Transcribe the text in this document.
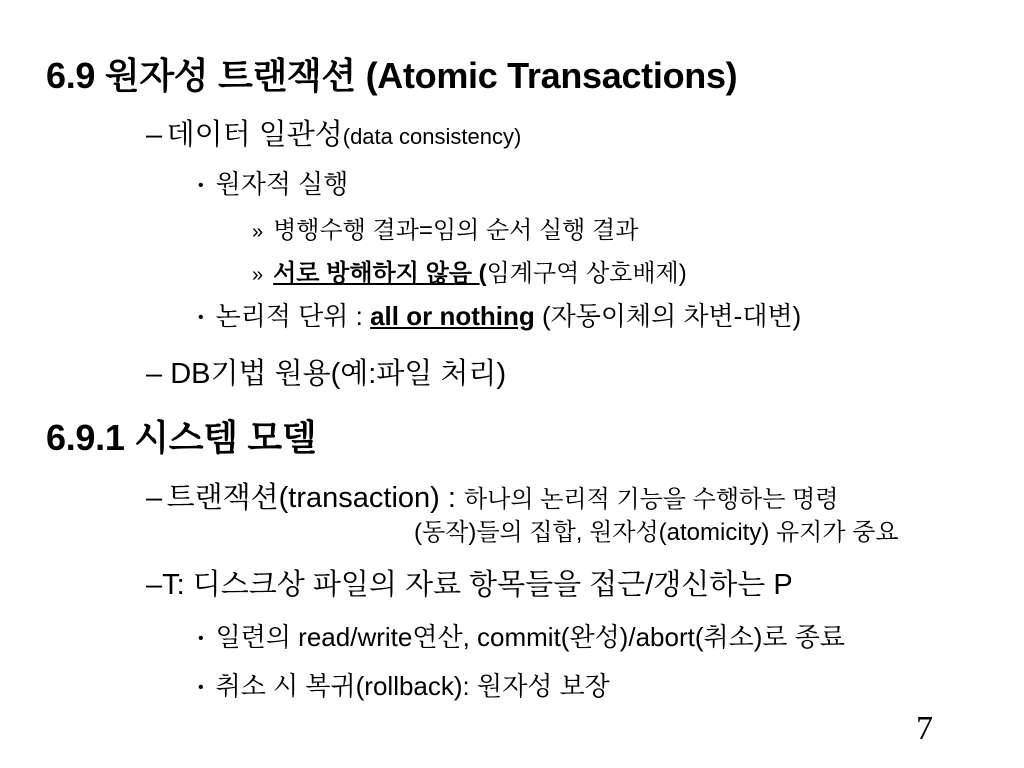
6.9 원자성 트랜잭션 (Atomic Transactions)
– 데이터 일관성(data consistency)
• 원자적 실행
» 병행수행 결과=임의 순서 실행 결과
» 서로 방해하지 않음 (임계구역 상호배제)
• 논리적 단위 : all or nothing (자동이체의 차변-대변)
– DB기법 원용(예:파일 처리)
6.9.1 시스템 모델
– 트랜잭션(transaction) : 하나의 논리적 기능을 수행하는 명령
(동작)들의 집합, 원자성(atomicity) 유지가 중요
–T: 디스크상 파일의 자료 항목들을 접근/갱신하는 P
• 일련의 read/write연산, commit(완성)/abort(취소)로 종료
• 취소 시 복귀(rollback): 원자성 보장
7
